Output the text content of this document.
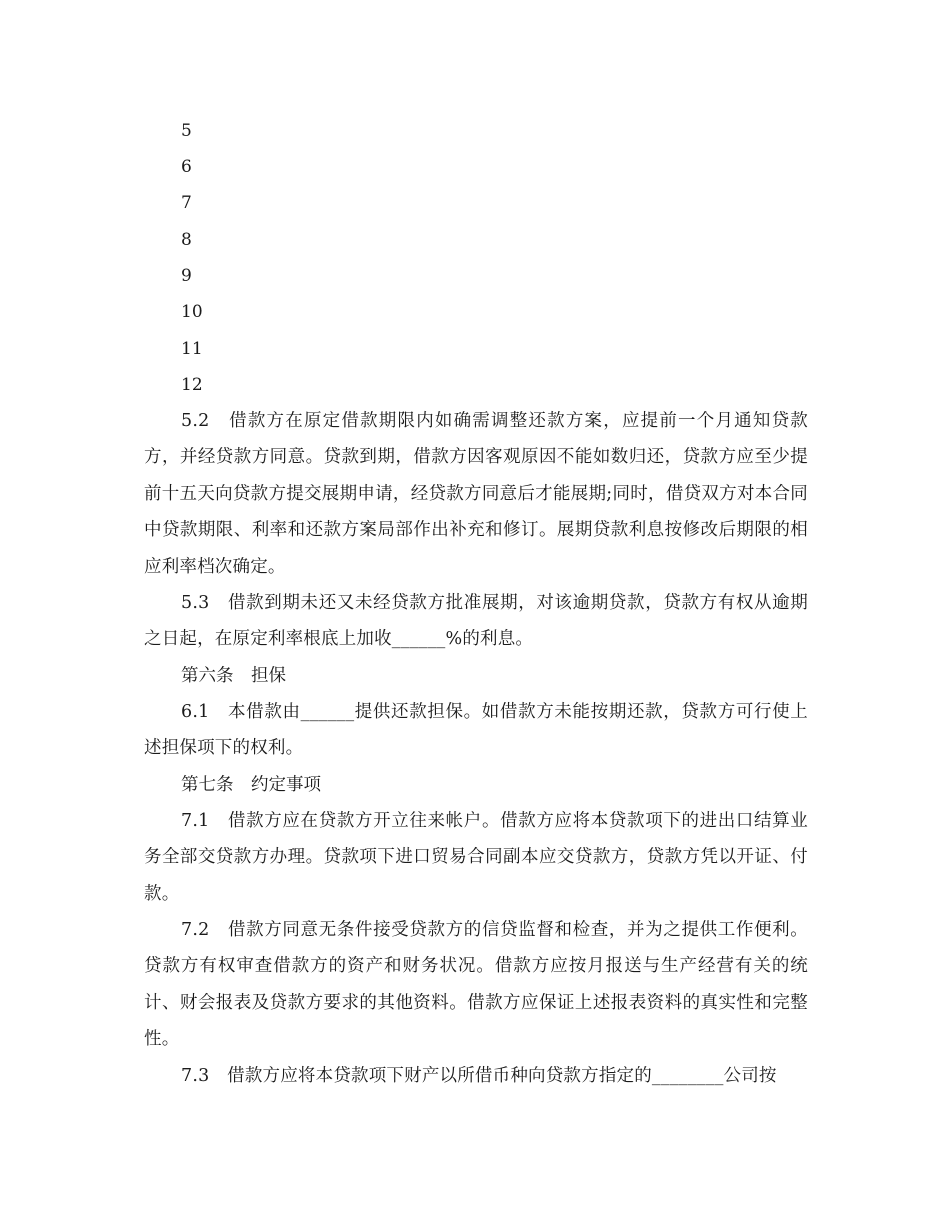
5
6
7
8
9
10
11
12

5.2　借款方在原定借款期限内如确需调整还款方案，应提前一个月通知贷款方，并经贷款方同意。贷款到期，借款方因客观原因不能如数归还，贷款方应至少提前十五天向贷款方提交展期申请，经贷款方同意后才能展期;同时，借贷双方对本合同中贷款期限、利率和还款方案局部作出补充和修订。展期贷款利息按修改后期限的相应利率档次确定。

5.3　借款到期未还又未经贷款方批准展期，对该逾期贷款，贷款方有权从逾期之日起，在原定利率根底上加收______%的利息。

第六条　担保

6.1　本借款由______提供还款担保。如借款方未能按期还款，贷款方可行使上述担保项下的权利。

第七条　约定事项

7.1　借款方应在贷款方开立往来帐户。借款方应将本贷款项下的进出口结算业务全部交贷款方办理。贷款项下进口贸易合同副本应交贷款方，贷款方凭以开证、付款。

7.2　借款方同意无条件接受贷款方的信贷监督和检查，并为之提供工作便利。贷款方有权审查借款方的资产和财务状况。借款方应按月报送与生产经营有关的统计、财会报表及贷款方要求的其他资料。借款方应保证上述报表资料的真实性和完整性。

7.3　借款方应将本贷款项下财产以所借币种向贷款方指定的________公司按
